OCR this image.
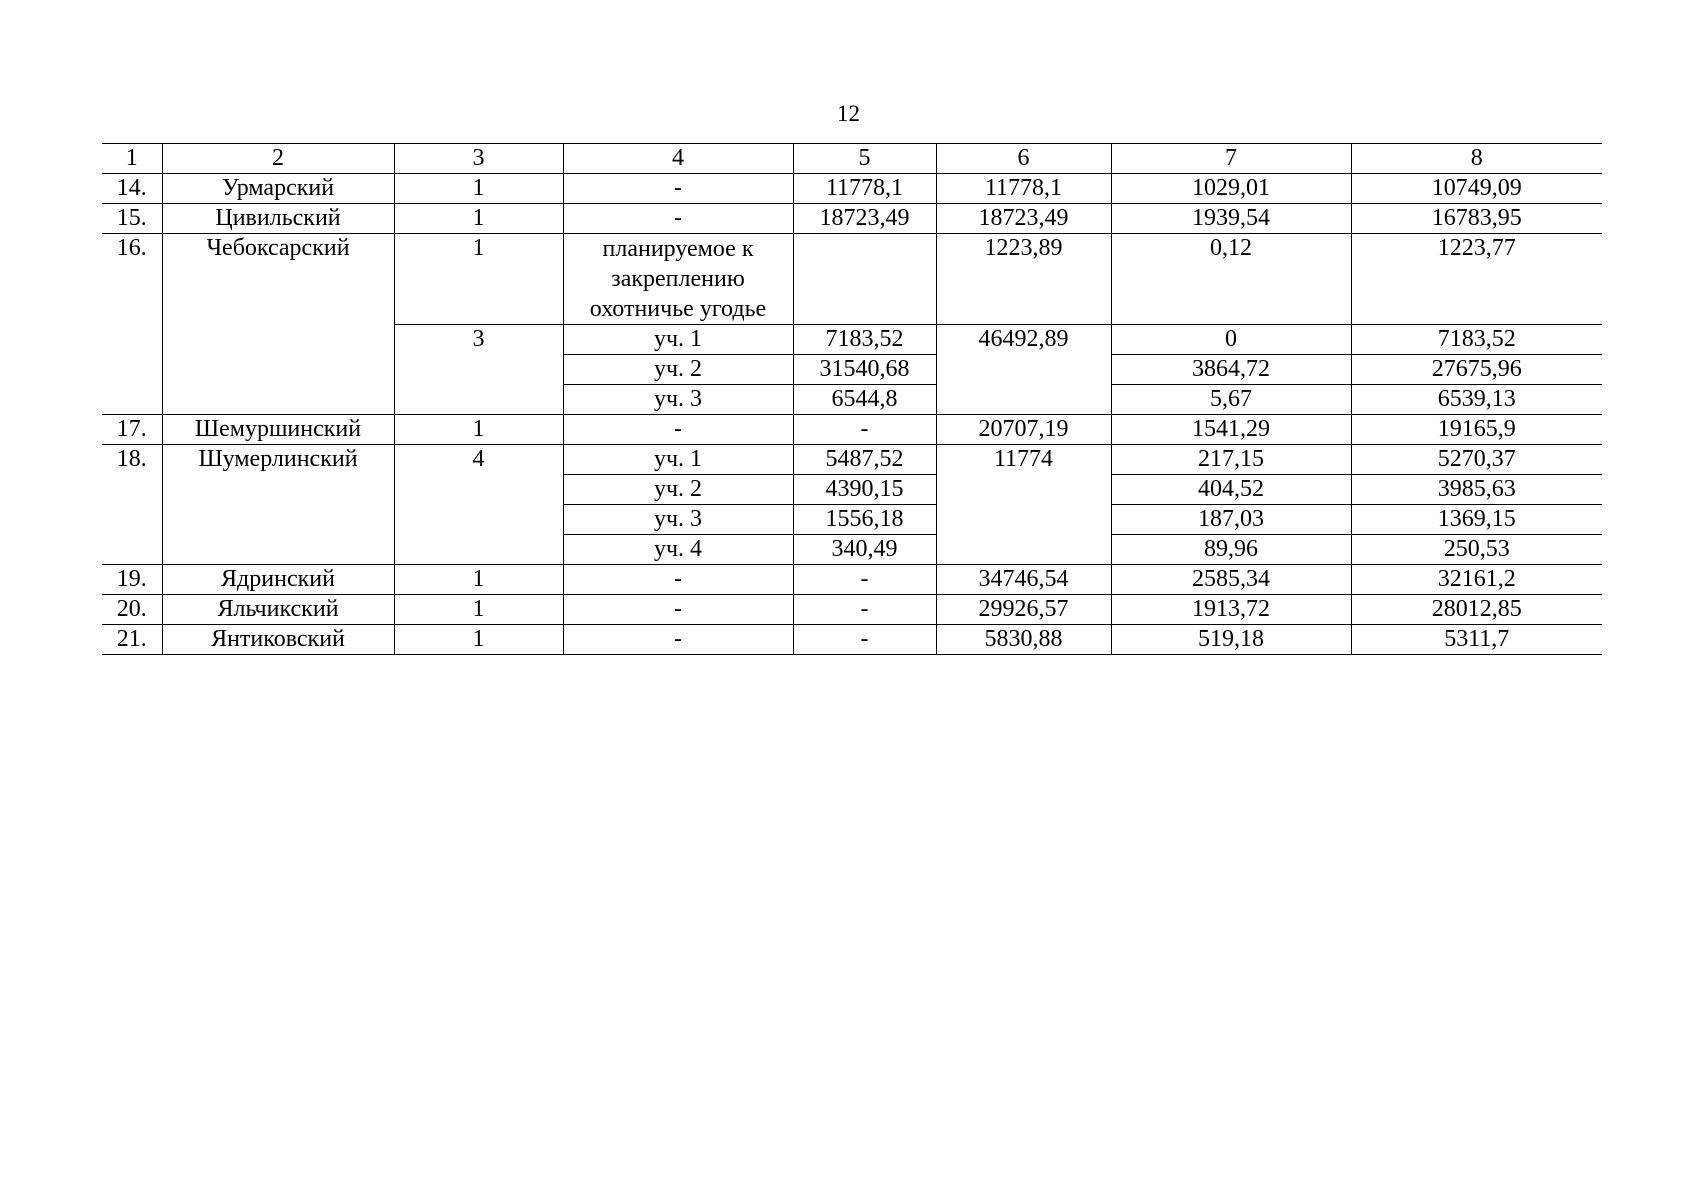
12
1	2	3	4	5	6	7	8
14.	Урмарский	1	-	11778,1	11778,1	1029,01	10749,09
15.	Цивильский	1	-	18723,49	18723,49	1939,54	16783,95
16.	Чебоксарский	1	планируемое к закреплению охотничье угодье		1223,89	0,12	1223,77
		3	уч. 1	7183,52	46492,89	0	7183,52
			уч. 2	31540,68		3864,72	27675,96
			уч. 3	6544,8		5,67	6539,13
17.	Шемуршинский	1	-	-	20707,19	1541,29	19165,9
18.	Шумерлинский	4	уч. 1	5487,52	11774	217,15	5270,37
			уч. 2	4390,15		404,52	3985,63
			уч. 3	1556,18		187,03	1369,15
			уч. 4	340,49		89,96	250,53
19.	Ядринский	1	-	-	34746,54	2585,34	32161,2
20.	Яльчикский	1	-	-	29926,57	1913,72	28012,85
21.	Янтиковский	1	-	-	5830,88	519,18	5311,7
